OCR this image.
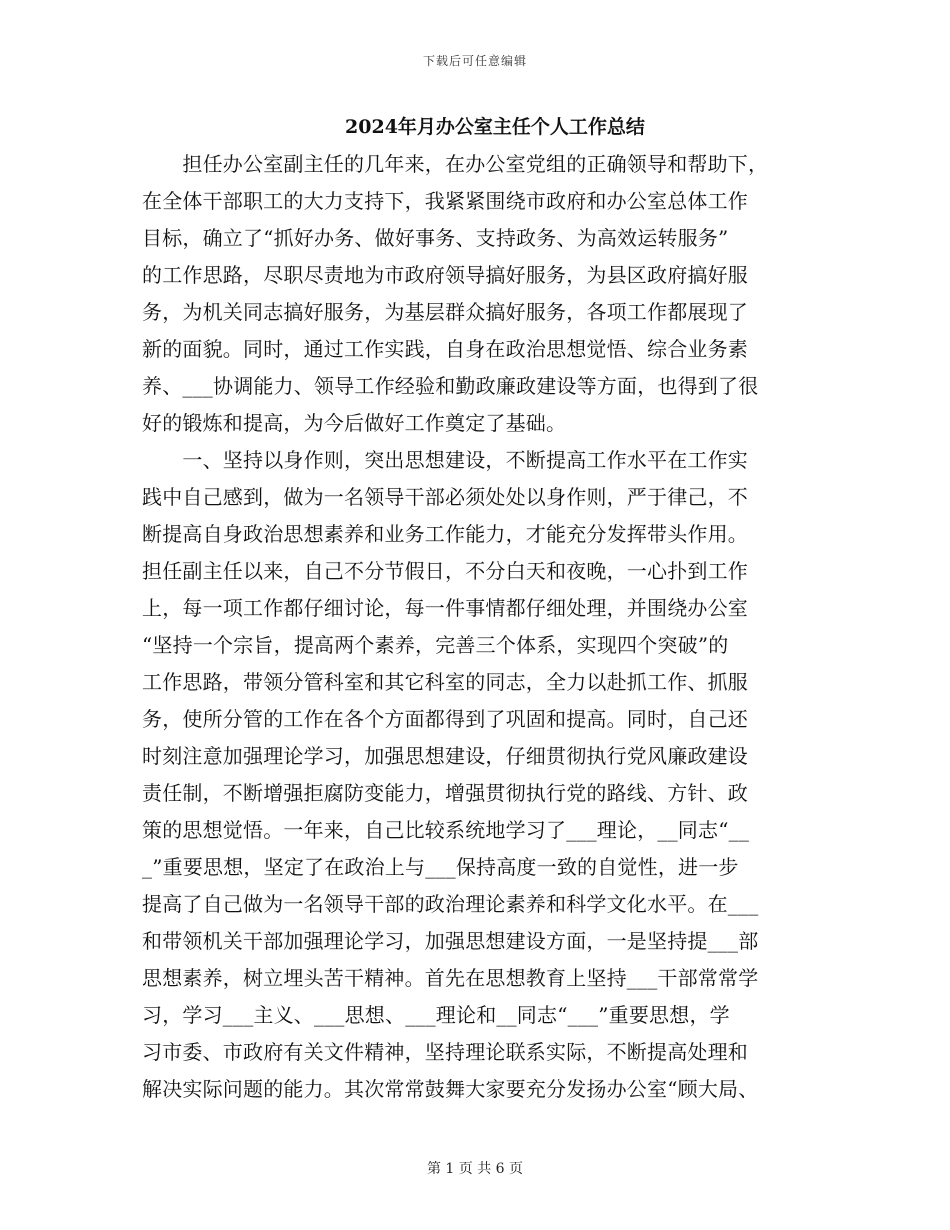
下载后可任意编辑
2024年月办公室主任个人工作总结
　　担任办公室副主任的几年来，在办公室党组的正确领导和帮助下，
在全体干部职工的大力支持下，我紧紧围绕市政府和办公室总体工作
目标，确立了“抓好办务、做好事务、支持政务、为高效运转服务”
的工作思路，尽职尽责地为市政府领导搞好服务，为县区政府搞好服
务，为机关同志搞好服务，为基层群众搞好服务，各项工作都展现了
新的面貌。同时，通过工作实践，自身在政治思想觉悟、综合业务素
养、___协调能力、领导工作经验和勤政廉政建设等方面，也得到了很
好的锻炼和提高，为今后做好工作奠定了基础。
　　一、坚持以身作则，突出思想建设，不断提高工作水平在工作实
践中自己感到，做为一名领导干部必须处处以身作则，严于律己，不
断提高自身政治思想素养和业务工作能力，才能充分发挥带头作用。
担任副主任以来，自己不分节假日，不分白天和夜晚，一心扑到工作
上，每一项工作都仔细讨论，每一件事情都仔细处理，并围绕办公室
“坚持一个宗旨，提高两个素养，完善三个体系，实现四个突破”的
工作思路，带领分管科室和其它科室的同志，全力以赴抓工作、抓服
务，使所分管的工作在各个方面都得到了巩固和提高。同时，自己还
时刻注意加强理论学习，加强思想建设，仔细贯彻执行党风廉政建设
责任制，不断增强拒腐防变能力，增强贯彻执行党的路线、方针、政
策的思想觉悟。一年来，自己比较系统地学习了___理论，__同志“__
_”重要思想，坚定了在政治上与___保持高度一致的自觉性，进一步
提高了自己做为一名领导干部的政治理论素养和科学文化水平。在___
和带领机关干部加强理论学习，加强思想建设方面，一是坚持提___部
思想素养，树立埋头苦干精神。首先在思想教育上坚持___干部常常学
习，学习___主义、___思想、___理论和__同志“___”重要思想，学
习市委、市政府有关文件精神，坚持理论联系实际，不断提高处理和
解决实际问题的能力。其次常常鼓舞大家要充分发扬办公室“顾大局、
第 1 页 共 6 页
